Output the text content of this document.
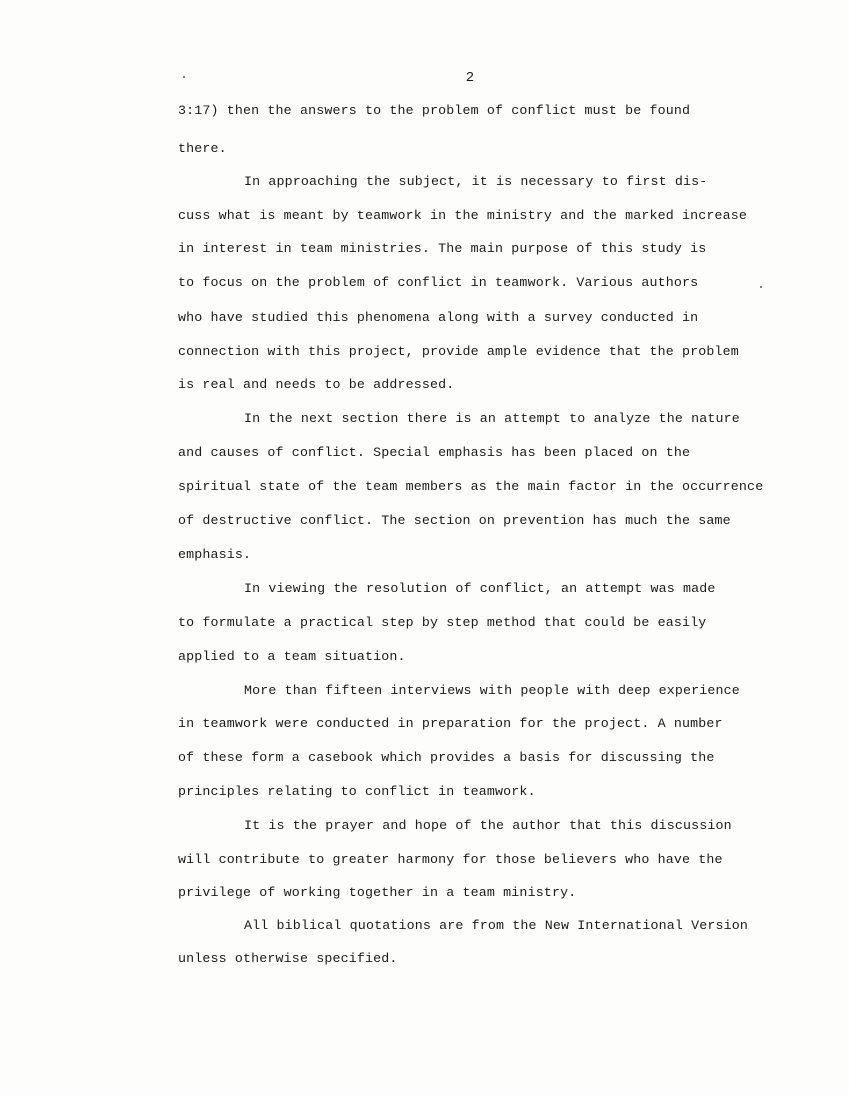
2
3:17) then the answers to the problem of conflict must be found
there.
In approaching the subject, it is necessary to first dis-
cuss what is meant by teamwork in the ministry and the marked increase
in interest in team ministries. The main purpose of this study is
to focus on the problem of conflict in teamwork. Various authors
who have studied this phenomena along with a survey conducted in
connection with this project, provide ample evidence that the problem
is real and needs to be addressed.
In the next section there is an attempt to analyze the nature
and causes of conflict. Special emphasis has been placed on the
spiritual state of the team members as the main factor in the occurrence
of destructive conflict. The section on prevention has much the same
emphasis.
In viewing the resolution of conflict, an attempt was made
to formulate a practical step by step method that could be easily
applied to a team situation.
More than fifteen interviews with people with deep experience
in teamwork were conducted in preparation for the project. A number
of these form a casebook which provides a basis for discussing the
principles relating to conflict in teamwork.
It is the prayer and hope of the author that this discussion
will contribute to greater harmony for those believers who have the
privilege of working together in a team ministry.
All biblical quotations are from the New International Version
unless otherwise specified.
